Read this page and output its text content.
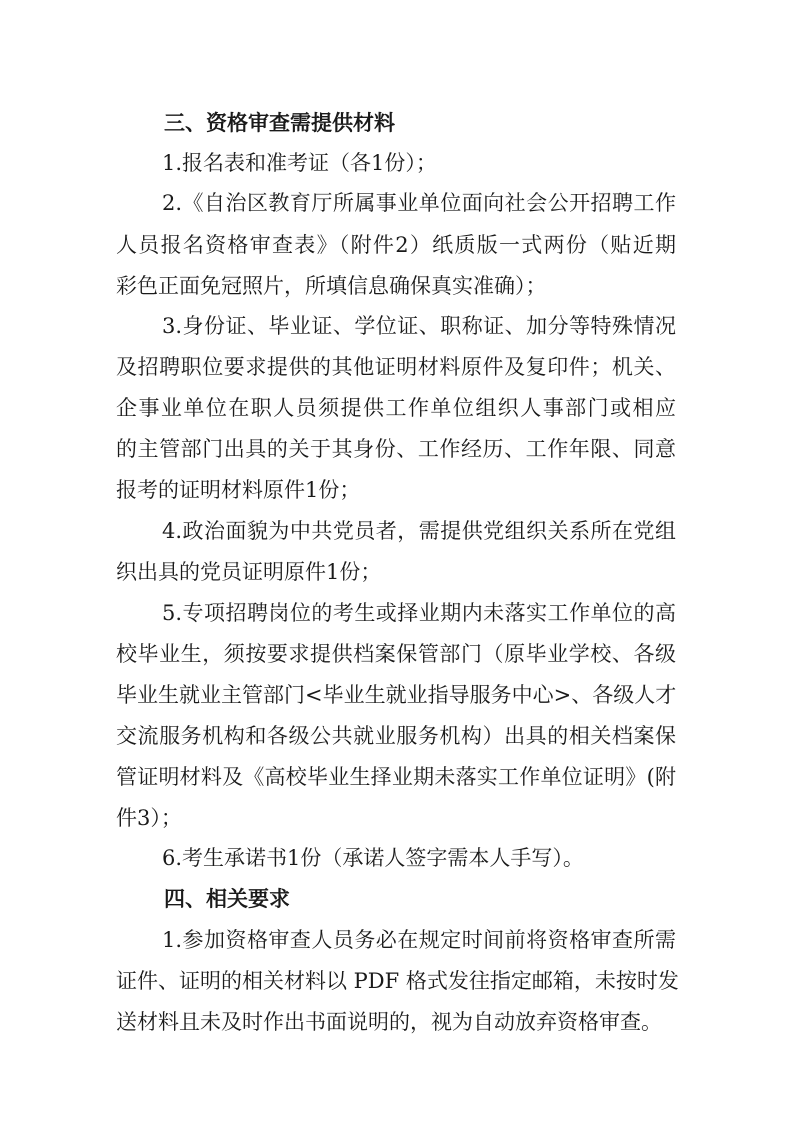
三、资格审查需提供材料
1.报名表和准考证（各1份）；
2.《自治区教育厅所属事业单位面向社会公开招聘工作
人员报名资格审查表》（附件2）纸质版一式两份（贴近期
彩色正面免冠照片，所填信息确保真实准确）；
3.身份证、毕业证、学位证、职称证、加分等特殊情况
及招聘职位要求提供的其他证明材料原件及复印件；机关、
企事业单位在职人员须提供工作单位组织人事部门或相应
的主管部门出具的关于其身份、工作经历、工作年限、同意
报考的证明材料原件1份；
4.政治面貌为中共党员者，需提供党组织关系所在党组
织出具的党员证明原件1份；
5.专项招聘岗位的考生或择业期内未落实工作单位的高
校毕业生，须按要求提供档案保管部门（原毕业学校、各级
毕业生就业主管部门<毕业生就业指导服务中心>、各级人才
交流服务机构和各级公共就业服务机构）出具的相关档案保
管证明材料及《高校毕业生择业期未落实工作单位证明》(附
件3）；
6.考生承诺书1份（承诺人签字需本人手写）。
四、相关要求
1.参加资格审查人员务必在规定时间前将资格审查所需
证件、证明的相关材料以 PDF 格式发往指定邮箱，未按时发
送材料且未及时作出书面说明的，视为自动放弃资格审查。
